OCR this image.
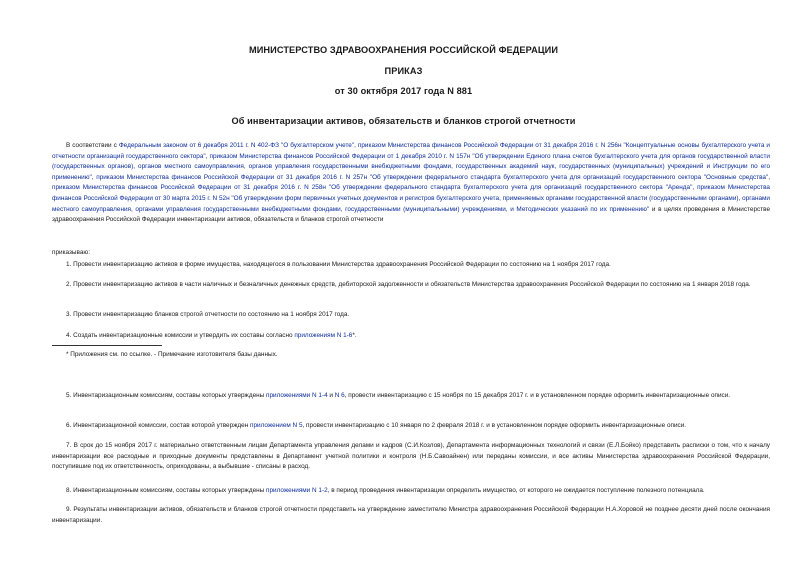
МИНИСТЕРСТВО ЗДРАВООХРАНЕНИЯ РОССИЙСКОЙ ФЕДЕРАЦИИ
ПРИКАЗ
от 30 октября 2017 года N 881
Об инвентаризации активов, обязательств и бланков строгой отчетности

В соответствии с Федеральным законом от 6 декабря 2011 г. N 402-ФЗ "О бухгалтерском учете", приказом Министерства финансов Российской Федерации от 31 декабря 2016 г. N 256н "Концептуальные основы бухгалтерского учета и отчетности организаций государственного сектора", приказом Министерства финансов Российской Федерации от 1 декабря 2010 г. N 157н "Об утверждении Единого плана счетов бухгалтерского учета для органов государственной власти (государственных органов), органов местного самоуправления, органов управления государственными внебюджетными фондами, государственных академий наук, государственных (муниципальных) учреждений и Инструкции по его применению", приказом Министерства финансов Российской Федерации от 31 декабря 2016 г. N 257н "Об утверждении федерального стандарта бухгалтерского учета для организаций государственного сектора "Основные средства", приказом Министерства финансов Российской Федерации от 31 декабря 2016 г. N 258н "Об утверждении федерального стандарта бухгалтерского учета для организаций государственного сектора "Аренда", приказом Министерства финансов Российской Федерации от 30 марта 2015 г. N 52н "Об утверждении форм первичных учетных документов и регистров бухгалтерского учета, применяемых органами государственной власти (государственными органами), органами местного самоуправления, органами управления государственными внебюджетными фондами, государственными (муниципальными) учреждениями, и Методических указаний по их применению" и в целях проведения в Министерстве здравоохранения Российской Федерации инвентаризации активов, обязательств и бланков строгой отчетности

приказываю:

1. Провести инвентаризацию активов в форме имущества, находящегося в пользовании Министерства здравоохранения Российской Федерации по состоянию на 1 ноября 2017 года.

2. Провести инвентаризацию активов в части наличных и безналичных денежных средств, дебиторской задолженности и обязательств Министерства здравоохранения Российской Федерации по состоянию на 1 января 2018 года.

3. Провести инвентаризацию бланков строгой отчетности по состоянию на 1 ноября 2017 года.

4. Создать инвентаризационные комиссии и утвердить их составы согласно приложениям N 1-6*.

* Приложения см. по ссылке. - Примечание изготовителя базы данных.

5. Инвентаризационным комиссиям, составы которых утверждены приложениями N 1-4 и N 6, провести инвентаризацию с 15 ноября по 15 декабря 2017 г. и в установленном порядке оформить инвентаризационные описи.

6. Инвентаризационной комиссии, состав которой утвержден приложением N 5, провести инвентаризацию с 10 января по 2 февраля 2018 г. и в установленном порядке оформить инвентаризационные описи.

7. В срок до 15 ноября 2017 г. материально ответственным лицам Департамента управления делами и кадров (С.И.Козлов), Департамента информационных технологий и связи (Е.Л.Бойко) представить расписки о том, что к началу инвентаризации все расходные и приходные документы представлены в Департамент учетной политики и контроля (Н.Б.Савоайнен) или переданы комиссии, и все активы Министерства здравоохранения Российской Федерации, поступившие под их ответственность, оприходованы, а выбывшие - списаны в расход.

8. Инвентаризационным комиссиям, составы которых утверждены приложениями N 1-2, в период проведения инвентаризации определить имущество, от которого не ожидается поступление полезного потенциала.

9. Результаты инвентаризации активов, обязательств и бланков строгой отчетности представить на утверждение заместителю Министра здравоохранения Российской Федерации Н.А.Хоровой не позднее десяти дней после окончания инвентаризации.
